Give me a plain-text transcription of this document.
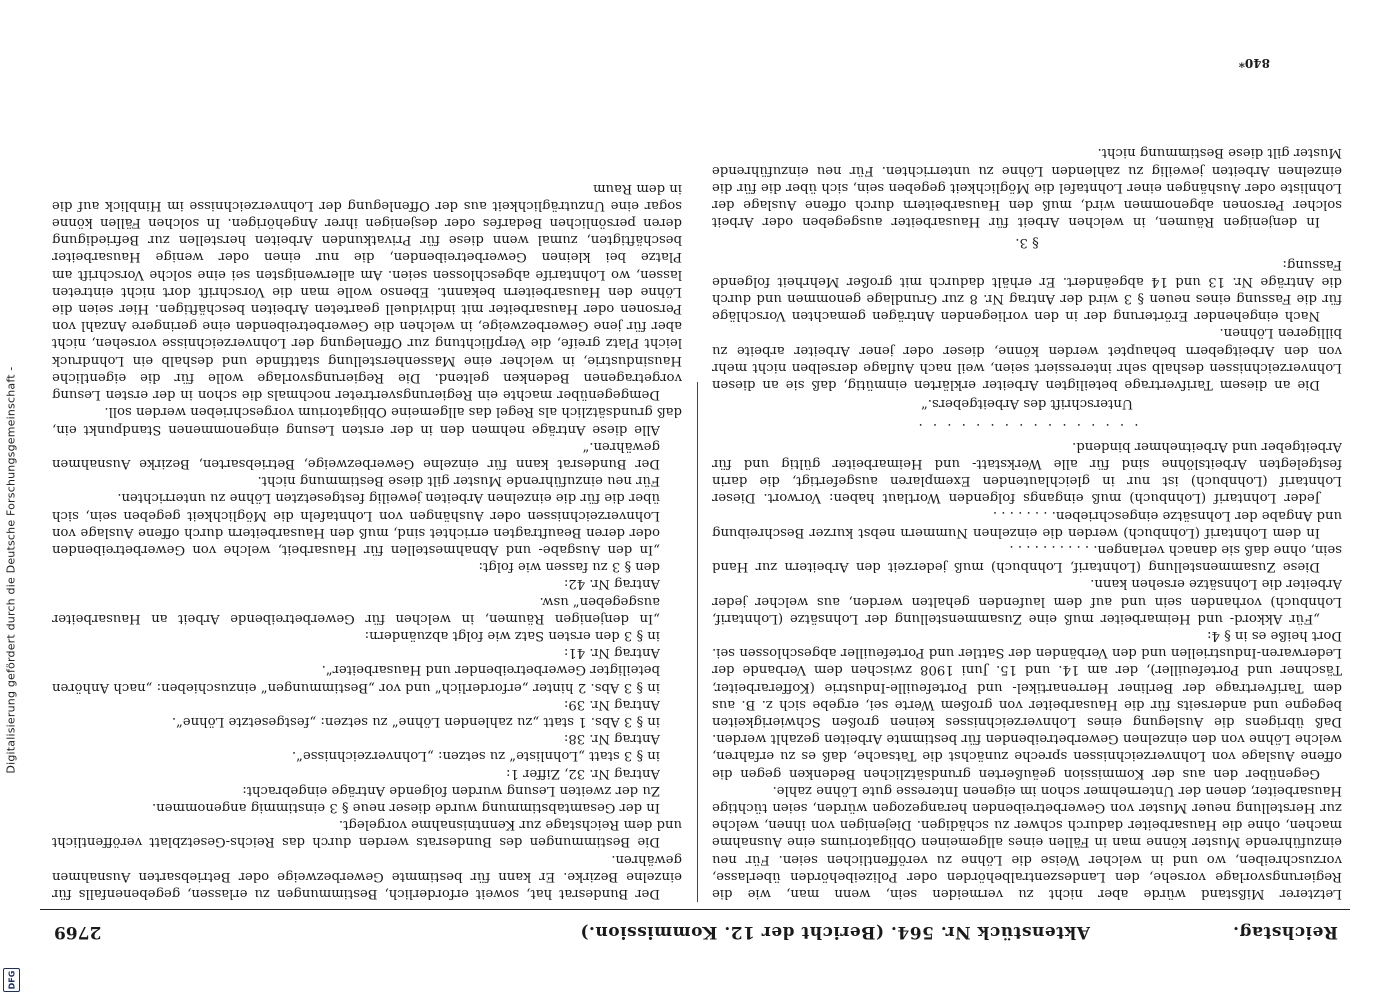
Digitalisierung gefördert durch die Deutsche Forschungsgemeinschaft -
DFG
Reichstag.
Aktenstück Nr. 564. (Bericht der 12. Kommission.)
2769

Letzterer Mißstand würde aber nicht zu vermeiden sein, wenn man, wie die Regierungsvorlage vorsehe, den Landeszentralbehörden oder Polizeibehörden überlasse, vorzuschreiben, wo und in welcher Weise die Löhne zu veröffentlichen seien. Für neu einzuführende Muster könne man in Fällen eines allgemeinen Obligatoriums eine Ausnahme machen, ohne die Hausarbeiter dadurch schwer zu schädigen. Diejenigen von ihnen, welche zur Herstellung neuer Muster von Gewerbetreibenden herangezogen würden, seien tüchtige Hausarbeiter, denen der Unternehmer schon im eigenen Interesse gute Löhne zahle.

Gegenüber den aus der Kommission geäußerten grundsätzlichen Bedenken gegen die offene Auslage von Lohnverzeichnissen spreche zunächst die Tatsache, daß es zu erfahren, welche Löhne von den einzelnen Gewerbetreibenden für bestimmte Arbeiten gezahlt werden. Daß übrigens die Auslegung eines Lohnverzeichnisses keinen großen Schwierigkeiten begegne und anderseits für die Hausarbeiter von großem Werte sei, ergebe sich z. B. aus dem Tarifvertrage der Berliner Herrenartikel- und Portefeuille-Industrie (Kofferarbeiter, Täschner und Portefeuiller), der am 14. und 15. Juni 1908 zwischen dem Verbande der Lederwaren-Industriellen und den Verbänden der Sattler und Portefeuiller abgeschlossen sei. Dort heiße es in § 4:

„Für Akkord- und Heimarbeiter muß eine Zusammenstellung der Lohnsätze (Lohntarif, Lohnbuch) vorhanden sein und auf dem laufenden gehalten werden, aus welcher jeder Arbeiter die Lohnsätze ersehen kann.

Diese Zusammenstellung (Lohntarif, Lohnbuch) muß jederzeit den Arbeitern zur Hand sein, ohne daß sie danach verlangen. . . . . . . . . . .

In dem Lohntarif (Lohnbuch) werden die einzelnen Nummern nebst kurzer Beschreibung und Angabe der Lohnsätze eingeschrieben. . . . . . . .

Jeder Lohntarif (Lohnbuch) muß eingangs folgenden Wortlaut haben: Vorwort. Dieser Lohntarif (Lohnbuch) ist nur in gleichlautenden Exemplaren ausgefertigt, die darin festgelegten Arbeitslöhne sind für alle Werkstatt- und Heimarbeiter gültig und für Arbeitgeber und Arbeitnehmer bindend.

. . . . . . . . . . . . . . . .

Unterschrift des Arbeitgebers.“

Die an diesem Tarifvertrage beteiligten Arbeiter erklärten einmütig, daß sie an diesen Lohnverzeichnissen deshalb sehr interessiert seien, weil nach Auflage derselben nicht mehr von den Arbeitgebern behauptet werden könne, dieser oder jener Arbeiter arbeite zu billigeren Löhnen.

Nach eingehender Erörterung der in den vorliegenden Anträgen gemachten Vorschläge für die Fassung eines neuen § 3 wird der Antrag Nr. 8 zur Grundlage genommen und durch die Anträge Nr. 13 und 14 abgeändert. Er erhält dadurch mit großer Mehrheit folgende Fassung:

§ 3.

In denjenigen Räumen, in welchen Arbeit für Hausarbeiter ausgegeben oder Arbeit solcher Personen abgenommen wird, muß den Hausarbeitern durch offene Auslage der Lohnliste oder Aushängen einer Lohntafel die Möglichkeit gegeben sein, sich über die für die einzelnen Arbeiten jeweilig zu zahlenden Löhne zu unterrichten. Für neu einzuführende Muster gilt diese Bestimmung nicht.

Der Bundesrat hat, soweit erforderlich, Bestimmungen zu erlassen, gegebenenfalls für einzelne Bezirke. Er kann für bestimmte Gewerbezweige oder Betriebsarten Ausnahmen gewähren.

Die Bestimmungen des Bundesrats werden durch das Reichs-Gesetzblatt veröffentlicht und dem Reichstage zur Kenntnisnahme vorgelegt.

In der Gesamtabstimmung wurde dieser neue § 3 einstimmig angenommen.

Zu der zweiten Lesung wurden folgende Anträge eingebracht:

Antrag Nr. 32, Ziffer 1:

in § 3 statt „Lohnliste“ zu setzen: „Lohnverzeichnisse“.

Antrag Nr. 38:

in § 3 Abs. 1 statt „zu zahlenden Löhne“ zu setzen: „festgesetzte Löhne“.

Antrag Nr. 39:

in § 3 Abs. 2 hinter „erforderlich“ und vor „Bestimmungen“ einzuschieben: „nach Anhören beteiligter Gewerbetreibender und Hausarbeiter“.

Antrag Nr. 41:

in § 3 den ersten Satz wie folgt abzuändern:

„In denjenigen Räumen, in welchen für Gewerbetreibende Arbeit an Hausarbeiter ausgegeben“ usw.

Antrag Nr. 42:

den § 3 zu fassen wie folgt:

„In den Ausgabe- und Abnahmestellen für Hausarbeit, welche von Gewerbetreibenden oder deren Beauftragten errichtet sind, muß den Hausarbeitern durch offene Auslage von Lohnverzeichnissen oder Aushängen von Lohntafeln die Möglichkeit gegeben sein, sich über die für die einzelnen Arbeiten jeweilig festgesetzten Löhne zu unterrichten.

Für neu einzuführende Muster gilt diese Bestimmung nicht.

Der Bundesrat kann für einzelne Gewerbezweige, Betriebsarten, Bezirke Ausnahmen gewähren.“

Alle diese Anträge nehmen den in der ersten Lesung eingenommenen Standpunkt ein, daß grundsätzlich als Regel das allgemeine Obligatorium vorgeschrieben werden soll.

Demgegenüber machte ein Regierungsvertreter nochmals die schon in der ersten Lesung vorgetragenen Bedenken geltend. Die Regierungsvorlage wolle für die eigentliche Hausindustrie, in welcher eine Massenherstellung stattfinde und deshalb ein Lohndruck leicht Platz greife, die Verpflichtung zur Offenlegung der Lohnverzeichnisse vorsehen, nicht aber für jene Gewerbezweige, in welchen die Gewerbetreibenden eine geringere Anzahl von Personen oder Hausarbeiter mit individuell gearteten Arbeiten beschäftigen. Hier seien die Löhne den Hausarbeitern bekannt. Ebenso wolle man die Vorschrift dort nicht eintreten lassen, wo Lohntarife abgeschlossen seien. Am allerwenigsten sei eine solche Vorschrift am Platze bei kleinen Gewerbetreibenden, die nur einen oder wenige Hausarbeiter beschäftigten, zumal wenn diese für Privatkunden Arbeiten herstellen zur Befriedigung deren persönlichen Bedarfes oder desjenigen ihrer Angehörigen. In solchen Fällen könne sogar eine Unzuträglichkeit aus der Offenlegung der Lohnverzeichnisse im Hinblick auf die in dem Raum

840*
